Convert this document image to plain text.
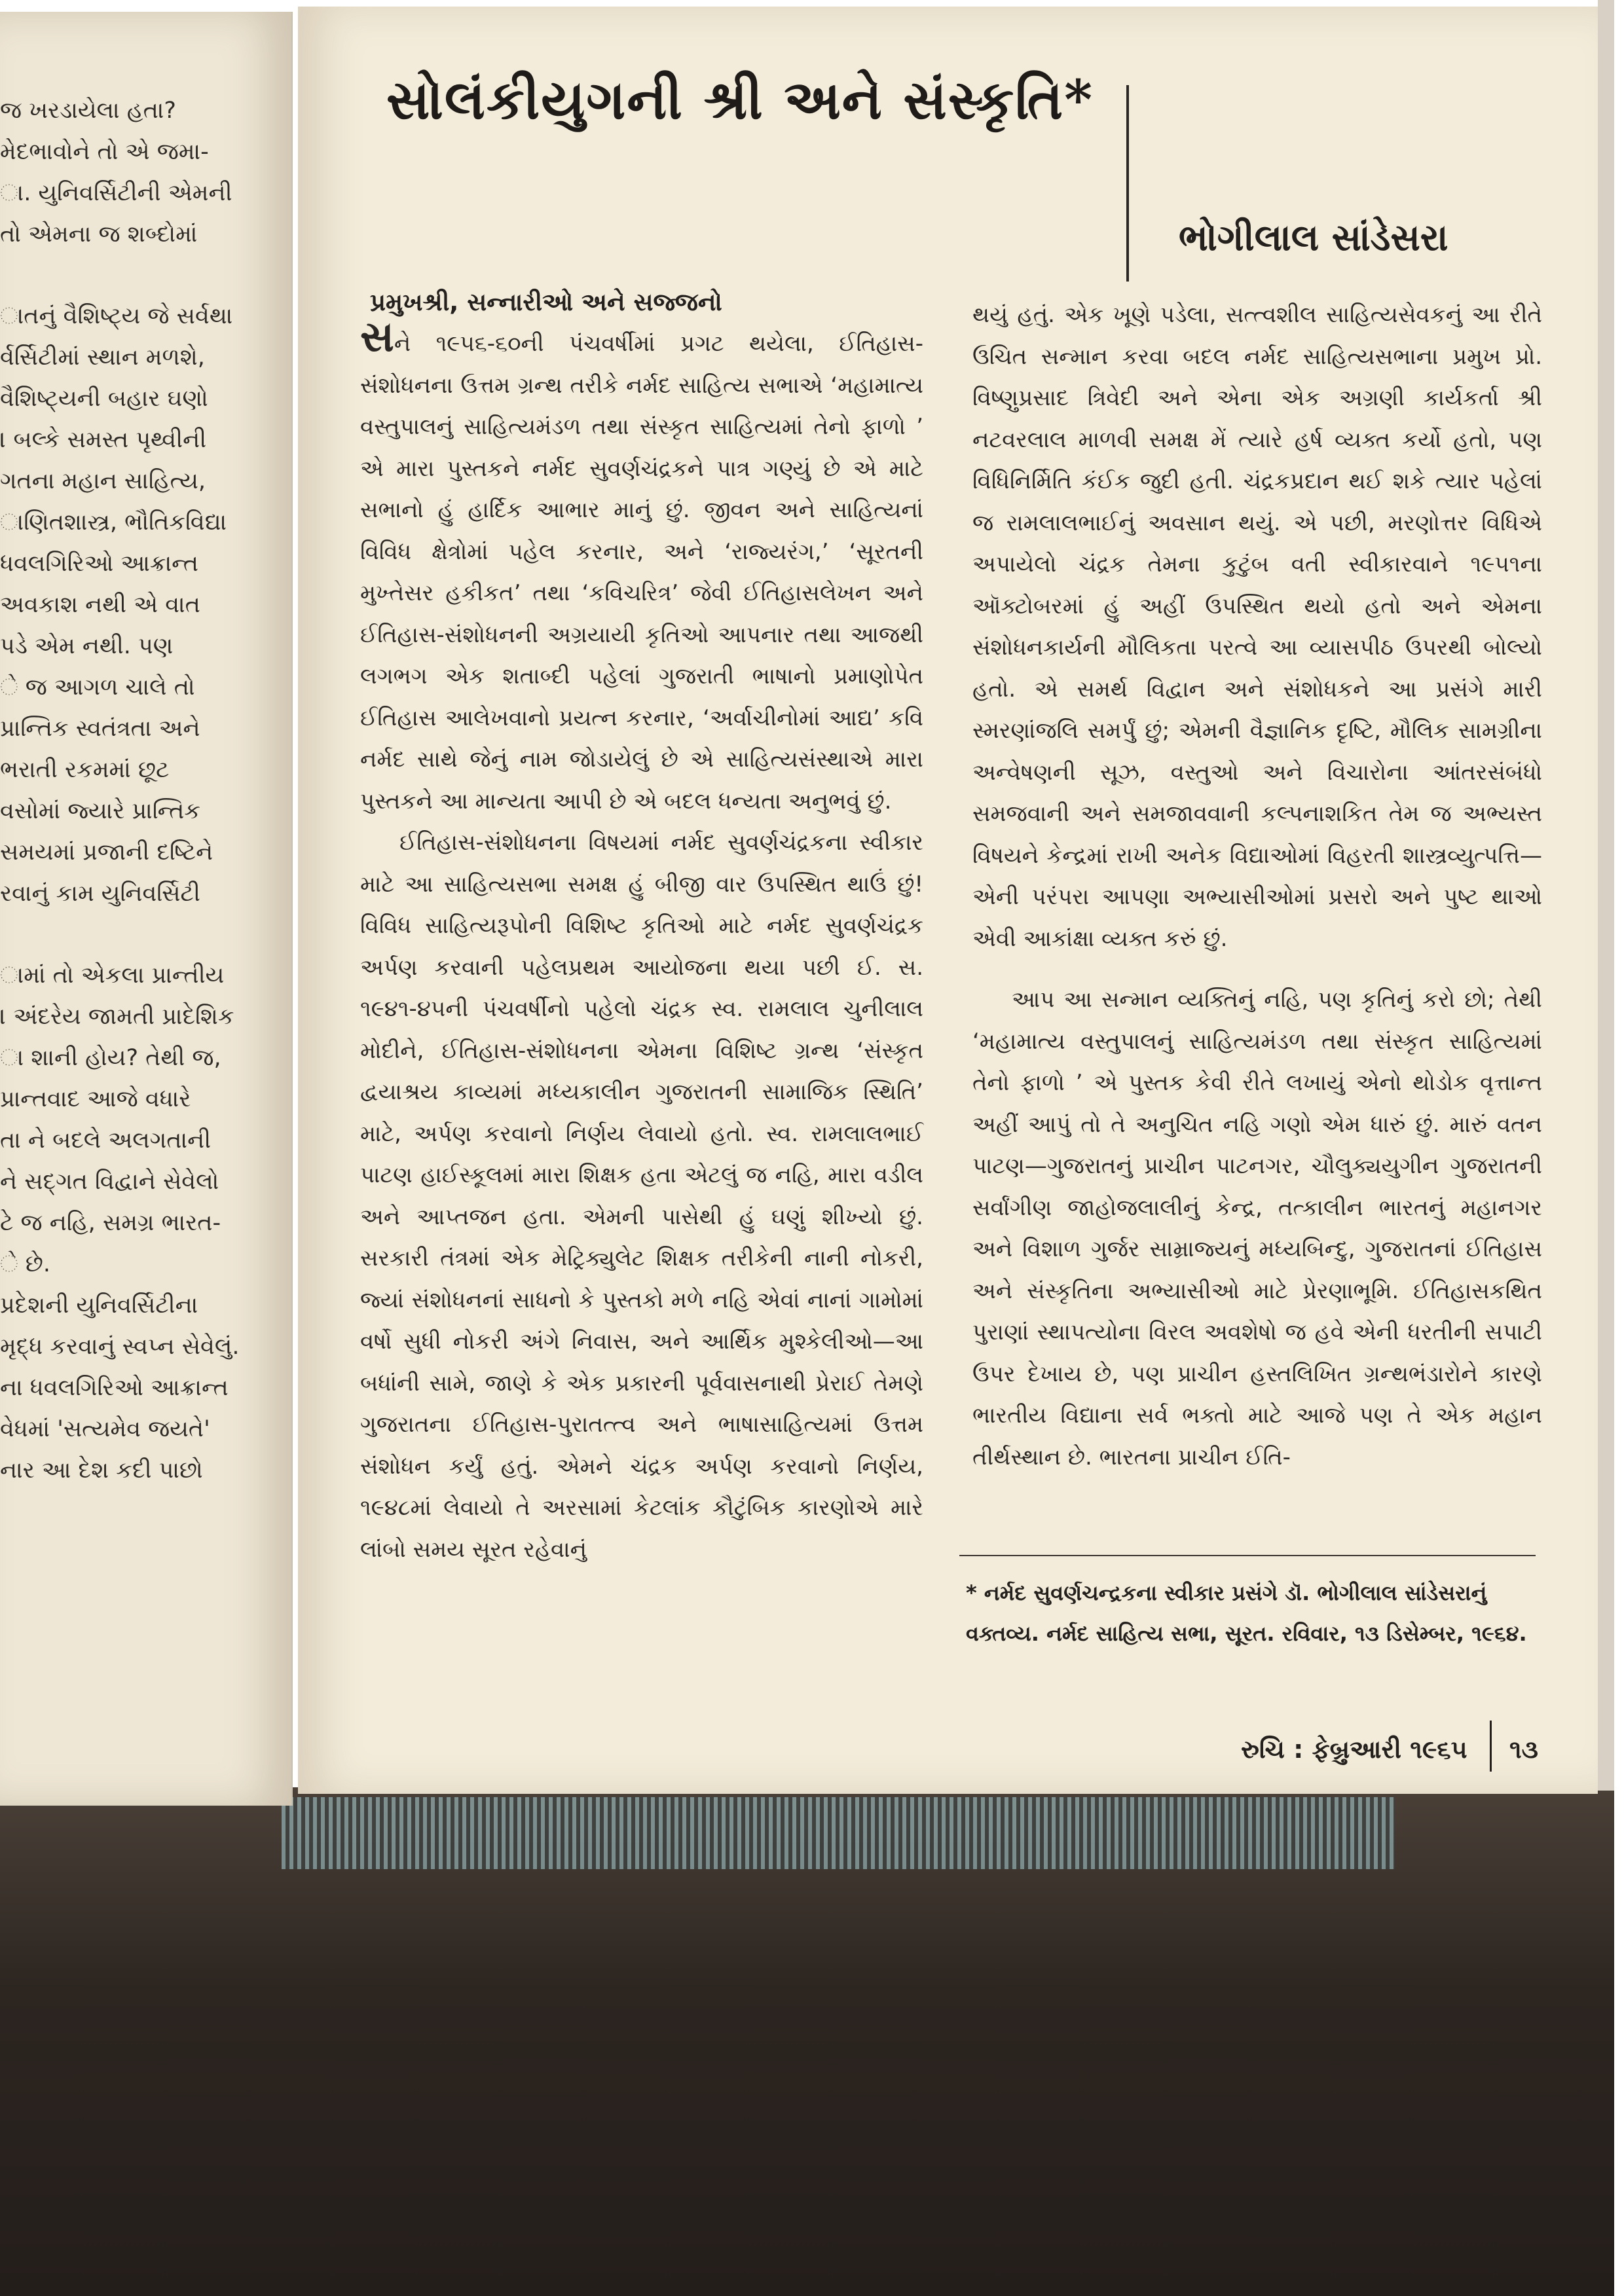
જ ખરડાયેલા હતા?
મેદભાવોને તો એ જમા-
ા. યુનિવર્સિટીની એમની
તો એમના જ શબ્દોમાં
ાતનું વૈશિષ્ટ્ય જે સર્વથા
ર્વર્સિટીમાં સ્થાન મળશે,
વૈશિષ્ટ્યની બહાર ઘણો
। બલ્કે સમસ્ત પૃથ્વીની
ગતના મહાન સાહિત્ય,
ાણિતશાસ્ત્ર, ભૌતિકવિદ્યા
ધવલગિરિઓ આક્રાન્ત
અવકાશ નથી એ વાત
પડે એમ નથી. પણ
ે જ આગળ ચાલે તો
પ્રાન્તિક સ્વતંત્રતા અને
ભરાતી રકમમાં છૂટ
વસોમાં જ્યારે પ્રાન્તિક
સમયમાં પ્રજાની દષ્ટિને
રવાનું કામ યુનિવર્સિટી
ામાં તો એકલા પ્રાન્તીય
। અંદરેય જામતી પ્રાદેશિક
ા શાની હોય? તેથી જ,
પ્રાન્તવાદ આજે વધારે
તા ને બદલે અલગતાની
ને સદ્‌ગત વિદ્વાને સેવેલો
ટે જ નહિ, સમગ્ર ભારત-
ે છે.
પ્રદેશની યુનિવર્સિટીના
મૃદ્ધ કરવાનું સ્વપ્ન સેવેલું.
ના ધવલગિરિઓ આક્રાન્ત
વેધમાં 'સત્યમેવ જયતે'
નાર આ દેશ કદી પાછો
સોલંકીયુગની શ્રી અને સંસ્કૃતિ*
ભોગીલાલ સાંડેસરા
પ્રમુખશ્રી, સન્નારીઓ અને સજ્જનો

સને ૧૯૫૬-૬૦ની પંચવર્ષીમાં પ્રગટ થયેલા, ઈતિહાસ-સંશોધનના ઉત્તમ ગ્રન્થ તરીકે નર્મદ સાહિત્ય સભાએ ‘મહામાત્ય વસ્તુપાલનું સાહિત્યમંડળ તથા સંસ્કૃત સાહિત્યમાં તેનો ફાળો ’ એ મારા પુસ્તકને નર્મદ સુવર્ણચંદ્રકને પાત્ર ગણ્યું છે એ માટે સભાનો હું હાર્દિક આભાર માનું છું. જીવન અને સાહિત્યનાં વિવિધ ક્ષેત્રોમાં પહેલ કરનાર, અને ‘રાજ્યરંગ,’ ‘સૂરતની મુખ્તેસર હકીકત’ તથા ‘કવિચરિત્ર’ જેવી ઈતિહાસલેખન અને ઈતિહાસ-સંશોધનની અગ્રયાયી કૃતિઓ આપનાર તથા આજથી લગભગ એક શતાબ્દી પહેલાં ગુજરાતી ભાષાનો પ્રમાણોપેત ઈતિહાસ આલેખવાનો પ્રયત્ન કરનાર, ‘અર્વાચીનોમાં આદ્ય’ કવિ નર્મદ સાથે જેનું નામ જોડાયેલું છે એ સાહિત્યસંસ્થાએ મારા પુસ્તકને આ માન્યતા આપી છે એ બદલ ધન્યતા અનુભવું છું.

ઈતિહાસ-સંશોધનના વિષયમાં નર્મદ સુવર્ણચંદ્રકના સ્વીકાર માટે આ સાહિત્યસભા સમક્ષ હું બીજી વાર ઉપસ્થિત થાઉં છું! વિવિધ સાહિત્યરૂપોની વિશિષ્ટ કૃતિઓ માટે નર્મદ સુવર્ણચંદ્રક અર્પણ કરવાની પહેલપ્રથમ આયોજના થયા પછી ઈ. સ. ૧૯૪૧-૪૫ની પંચવર્ષીનો પહેલો ચંદ્રક સ્વ. રામલાલ ચુનીલાલ મોદીને, ઈતિહાસ-સંશોધનના એમના વિશિષ્ટ ગ્રન્થ ‘સંસ્કૃત દ્વયાશ્રય કાવ્યમાં મધ્યકાલીન ગુજરાતની સામાજિક સ્થિતિ’ માટે, અર્પણ કરવાનો નિર્ણય લેવાયો હતો. સ્વ. રામલાલભાઈ પાટણ હાઈસ્કૂલમાં મારા શિક્ષક હતા એટલું જ નહિ, મારા વડીલ અને આપ્તજન હતા. એમની પાસેથી હું ઘણું શીખ્યો છું. સરકારી તંત્રમાં એક મેટ્રિક્યુલેટ શિક્ષક તરીકેની નાની નોકરી, જ્યાં સંશોધનનાં સાધનો કે પુસ્તકો મળે નહિ એવાં નાનાં ગામોમાં વર્ષો સુધી નોકરી અંગે નિવાસ, અને આર્થિક મુશ્કેલીઓ—આ બધાંની સામે, જાણે કે એક પ્રકારની પૂર્વવાસનાથી પ્રેરાઈ તેમણે ગુજરાતના ઈતિહાસ-પુરાતત્ત્વ અને ભાષાસાહિત્યમાં ઉત્તમ સંશોધન કર્યું હતું. એમને ચંદ્રક અર્પણ કરવાનો નિર્ણય, ૧૯૪૮માં લેવાયો તે અરસામાં કેટલાંક કૌટુંબિક કારણોએ મારે લાંબો સમય સૂરત રહેવાનું

થયું હતું. એક ખૂણે પડેલા, સત્ત્વશીલ સાહિત્યસેવકનું આ રીતે ઉચિત સન્માન કરવા બદલ નર્મદ સાહિત્યસભાના પ્રમુખ પ્રો. વિષ્ણુપ્રસાદ ત્રિવેદી અને એના એક અગ્રણી કાર્યકર્તા શ્રી નટવરલાલ માળવી સમક્ષ મેં ત્યારે હર્ષ વ્યક્ત કર્યો હતો, પણ વિધિનિર્મિતિ કંઈક જુદી હતી. ચંદ્રકપ્રદાન થઈ શકે ત્યાર પહેલાં જ રામલાલભાઈનું અવસાન થયું. એ પછી, મરણોત્તર વિધિએ અપાયેલો ચંદ્રક તેમના કુટુંબ વતી સ્વીકારવાને ૧૯૫૧ના ઑક્ટોબરમાં હું અહીં ઉપસ્થિત થયો હતો અને એમના સંશોધનકાર્યની મૌલિકતા પરત્વે આ વ્યાસપીઠ ઉપરથી બોલ્યો હતો. એ સમર્થ વિદ્વાન અને સંશોધકને આ પ્રસંગે મારી સ્મરણાંજલિ સમર્પું છું; એમની વૈજ્ઞાનિક દૃષ્ટિ, મૌલિક સામગ્રીના અન્વેષણની સૂઝ, વસ્તુઓ અને વિચારોના આંતરસંબંધો સમજવાની અને સમજાવવાની કલ્પનાશકિત તેમ જ અભ્યસ્ત વિષયને કેન્દ્રમાં રાખી અનેક વિદ્યાઓમાં વિહરતી શાસ્ત્રવ્યુત્પત્તિ— એની પરંપરા આપણા અભ્યાસીઓમાં પ્રસરો અને પુષ્ટ થાઓ એવી આકાંક્ષા વ્યક્ત કરું છું.

આપ આ સન્માન વ્યક્તિનું નહિ, પણ કૃતિનું કરો છો; તેથી ‘મહામાત્ય વસ્તુપાલનું સાહિત્યમંડળ તથા સંસ્કૃત સાહિત્યમાં તેનો ફાળો ’ એ પુસ્તક કેવી રીતે લખાયું એનો થોડોક વૃત્તાન્ત અહીં આપું તો તે અનુચિત નહિ ગણો એમ ધારું છું. મારું વતન પાટણ—ગુજરાતનું પ્રાચીન પાટનગર, ચૌલુક્યયુગીન ગુજરાતની સર્વાંગીણ જાહોજલાલીનું કેન્દ્ર, તત્કાલીન ભારતનું મહાનગર અને વિશાળ ગુર્જર સામ્રાજ્યનું મધ્યબિન્દુ, ગુજરાતનાં ઈતિહાસ અને સંસ્કૃતિના અભ્યાસીઓ માટે પ્રેરણાભૂમિ. ઈતિહાસકથિત પુરાણાં સ્થાપત્યોના વિરલ અવશેષો જ હવે એની ધરતીની સપાટી ઉપર દેખાય છે, પણ પ્રાચીન હસ્તલિખિત ગ્રન્થભંડારોને કારણે ભારતીય વિદ્યાના સર્વ ભક્તો માટે આજે પણ તે એક મહાન તીર્થસ્થાન છે. ભારતના પ્રાચીન ઈતિ-

* નર્મદ સુવર્ણચન્દ્રકના સ્વીકાર પ્રસંગે ડૉ. ભોગીલાલ સાંડેસરાનું વક્તવ્ય. નર્મદ સાહિત્ય સભા, સૂરત. રવિવાર, ૧૩ ડિસેમ્બર, ૧૯૬૪.
રુચિ : ફેબ્રુઆરી ૧૯૬૫ ૧૩
